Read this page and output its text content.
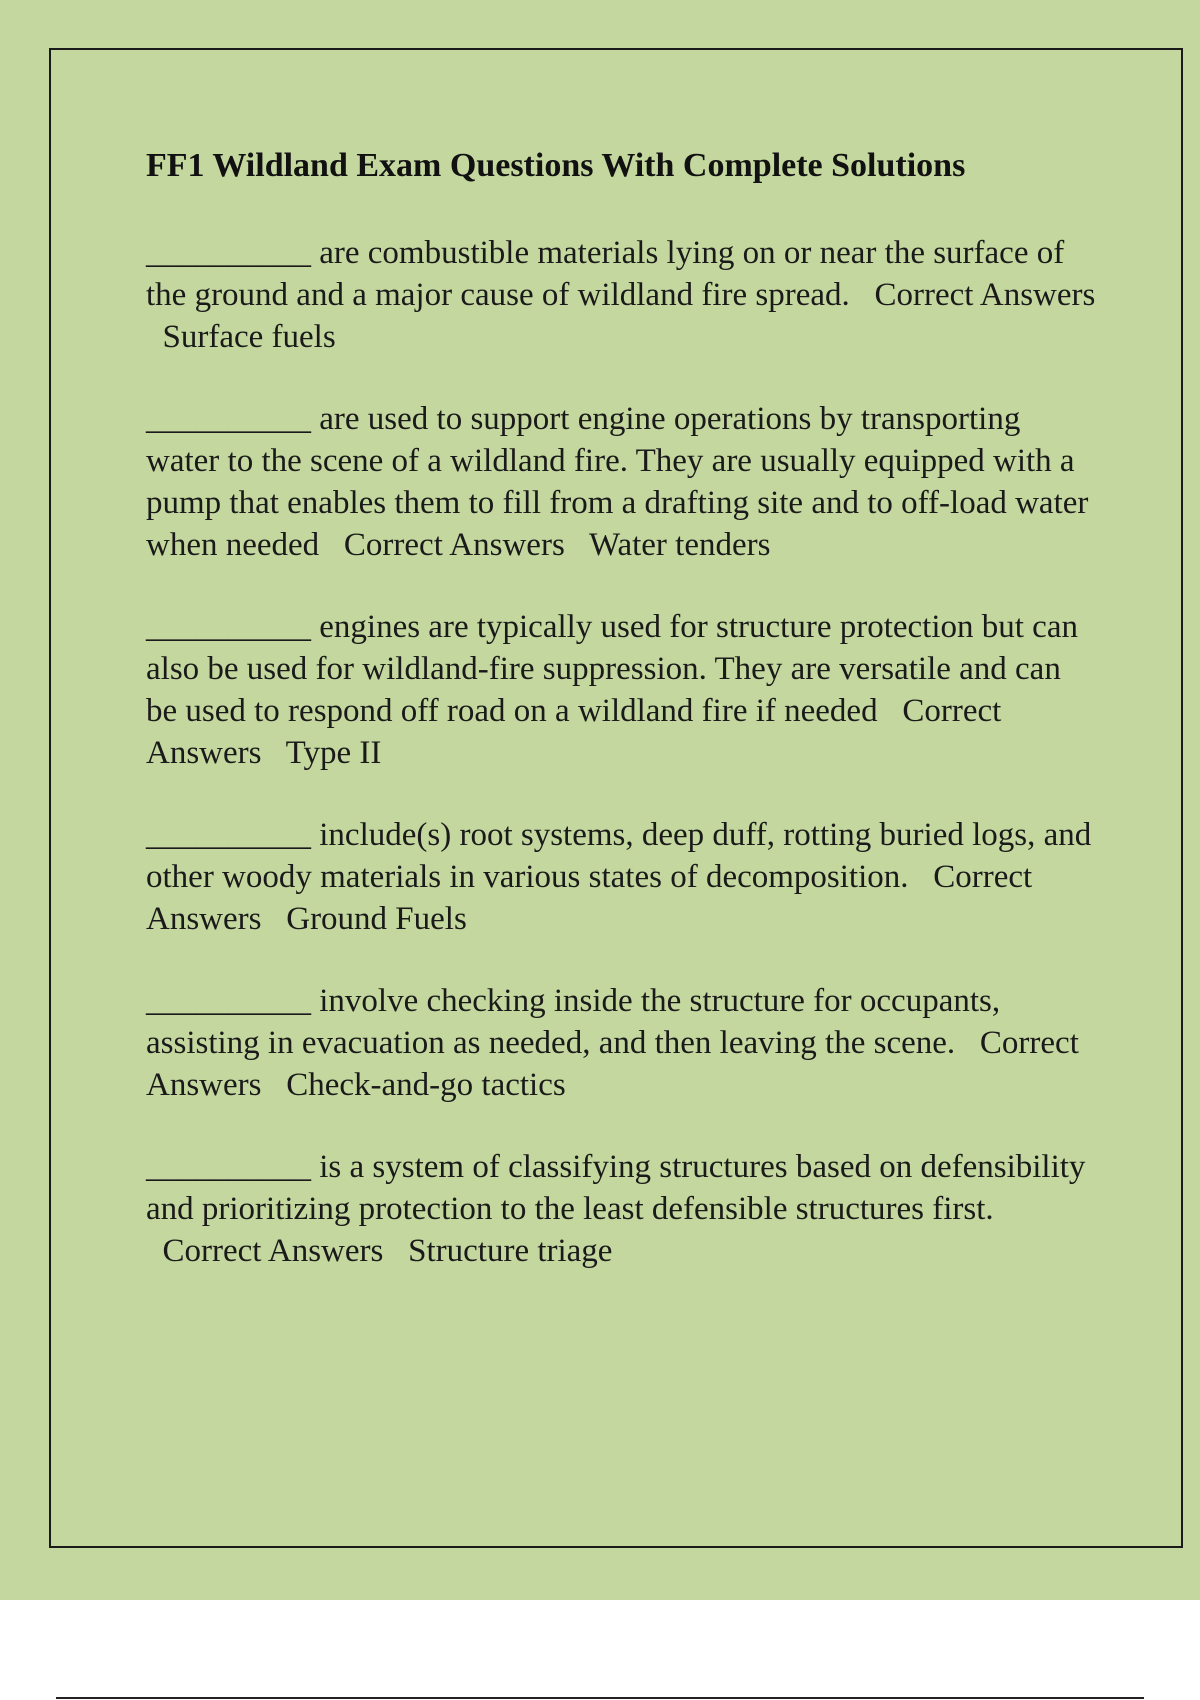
FF1 Wildland Exam Questions With Complete Solutions

__________ are combustible materials lying on or near the surface of the ground and a major cause of wildland fire spread. Correct Answers   Surface fuels

__________ are used to support engine operations by transporting water to the scene of a wildland fire. They are usually equipped with a pump that enables them to fill from a drafting site and to off-load water when needed Correct Answers Water tenders

__________ engines are typically used for structure protection but can also be used for wildland-fire suppression. They are versatile and can be used to respond off road on a wildland fire if needed Correct Answers Type II

__________ include(s) root systems, deep duff, rotting buried logs, and other woody materials in various states of decomposition. Correct Answers Ground Fuels

__________ involve checking inside the structure for occupants, assisting in evacuation as needed, and then leaving the scene. Correct Answers Check-and-go tactics

__________ is a system of classifying structures based on defensibility and prioritizing protection to the least defensible structures first.   Correct Answers Structure triage
